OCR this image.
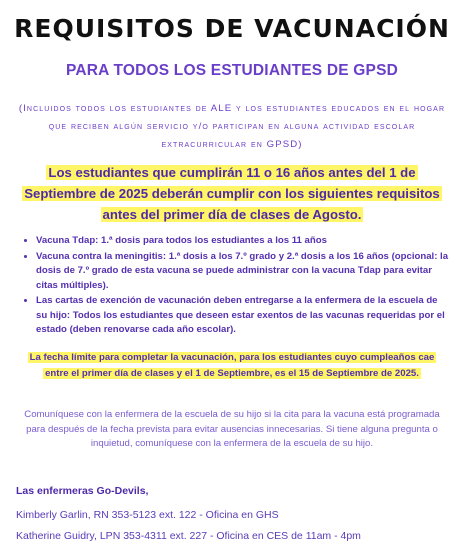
REQUISITOS DE VACUNACIÓN
PARA TODOS LOS ESTUDIANTES DE GPSD

(Incluidos todos los estudiantes de ALE y los estudiantes educados en el hogar que reciben algún servicio y/o participan en alguna actividad escolar extracurricular en GPSD)

Los estudiantes que cumplirán 11 o 16 años antes del 1 de Septiembre de 2025 deberán cumplir con los siguientes requisitos antes del primer día de clases de Agosto.

• Vacuna Tdap: 1.ª dosis para todos los estudiantes a los 11 años
• Vacuna contra la meningitis: 1.ª dosis a los 7.º grado y 2.ª dosis a los 16 años (opcional: la dosis de 7.º grado de esta vacuna se puede administrar con la vacuna Tdap para evitar citas múltiples).
• Las cartas de exención de vacunación deben entregarse a la enfermera de la escuela de su hijo: Todos los estudiantes que deseen estar exentos de las vacunas requeridas por el estado (deben renovarse cada año escolar).

La fecha límite para completar la vacunación, para los estudiantes cuyo cumpleaños cae entre el primer día de clases y el 1 de Septiembre, es el 15 de Septiembre de 2025.

Comuníquese con la enfermera de la escuela de su hijo si la cita para la vacuna está programada para después de la fecha prevista para evitar ausencias innecesarias. Si tiene alguna pregunta o inquietud, comuníquese con la enfermera de la escuela de su hijo.

Las enfermeras Go-Devils,

Kimberly Garlin, RN 353-5123 ext. 122 - Oficina en GHS

Katherine Guidry, LPN 353-4311 ext. 227 - Oficina en CES de 11am - 4pm
